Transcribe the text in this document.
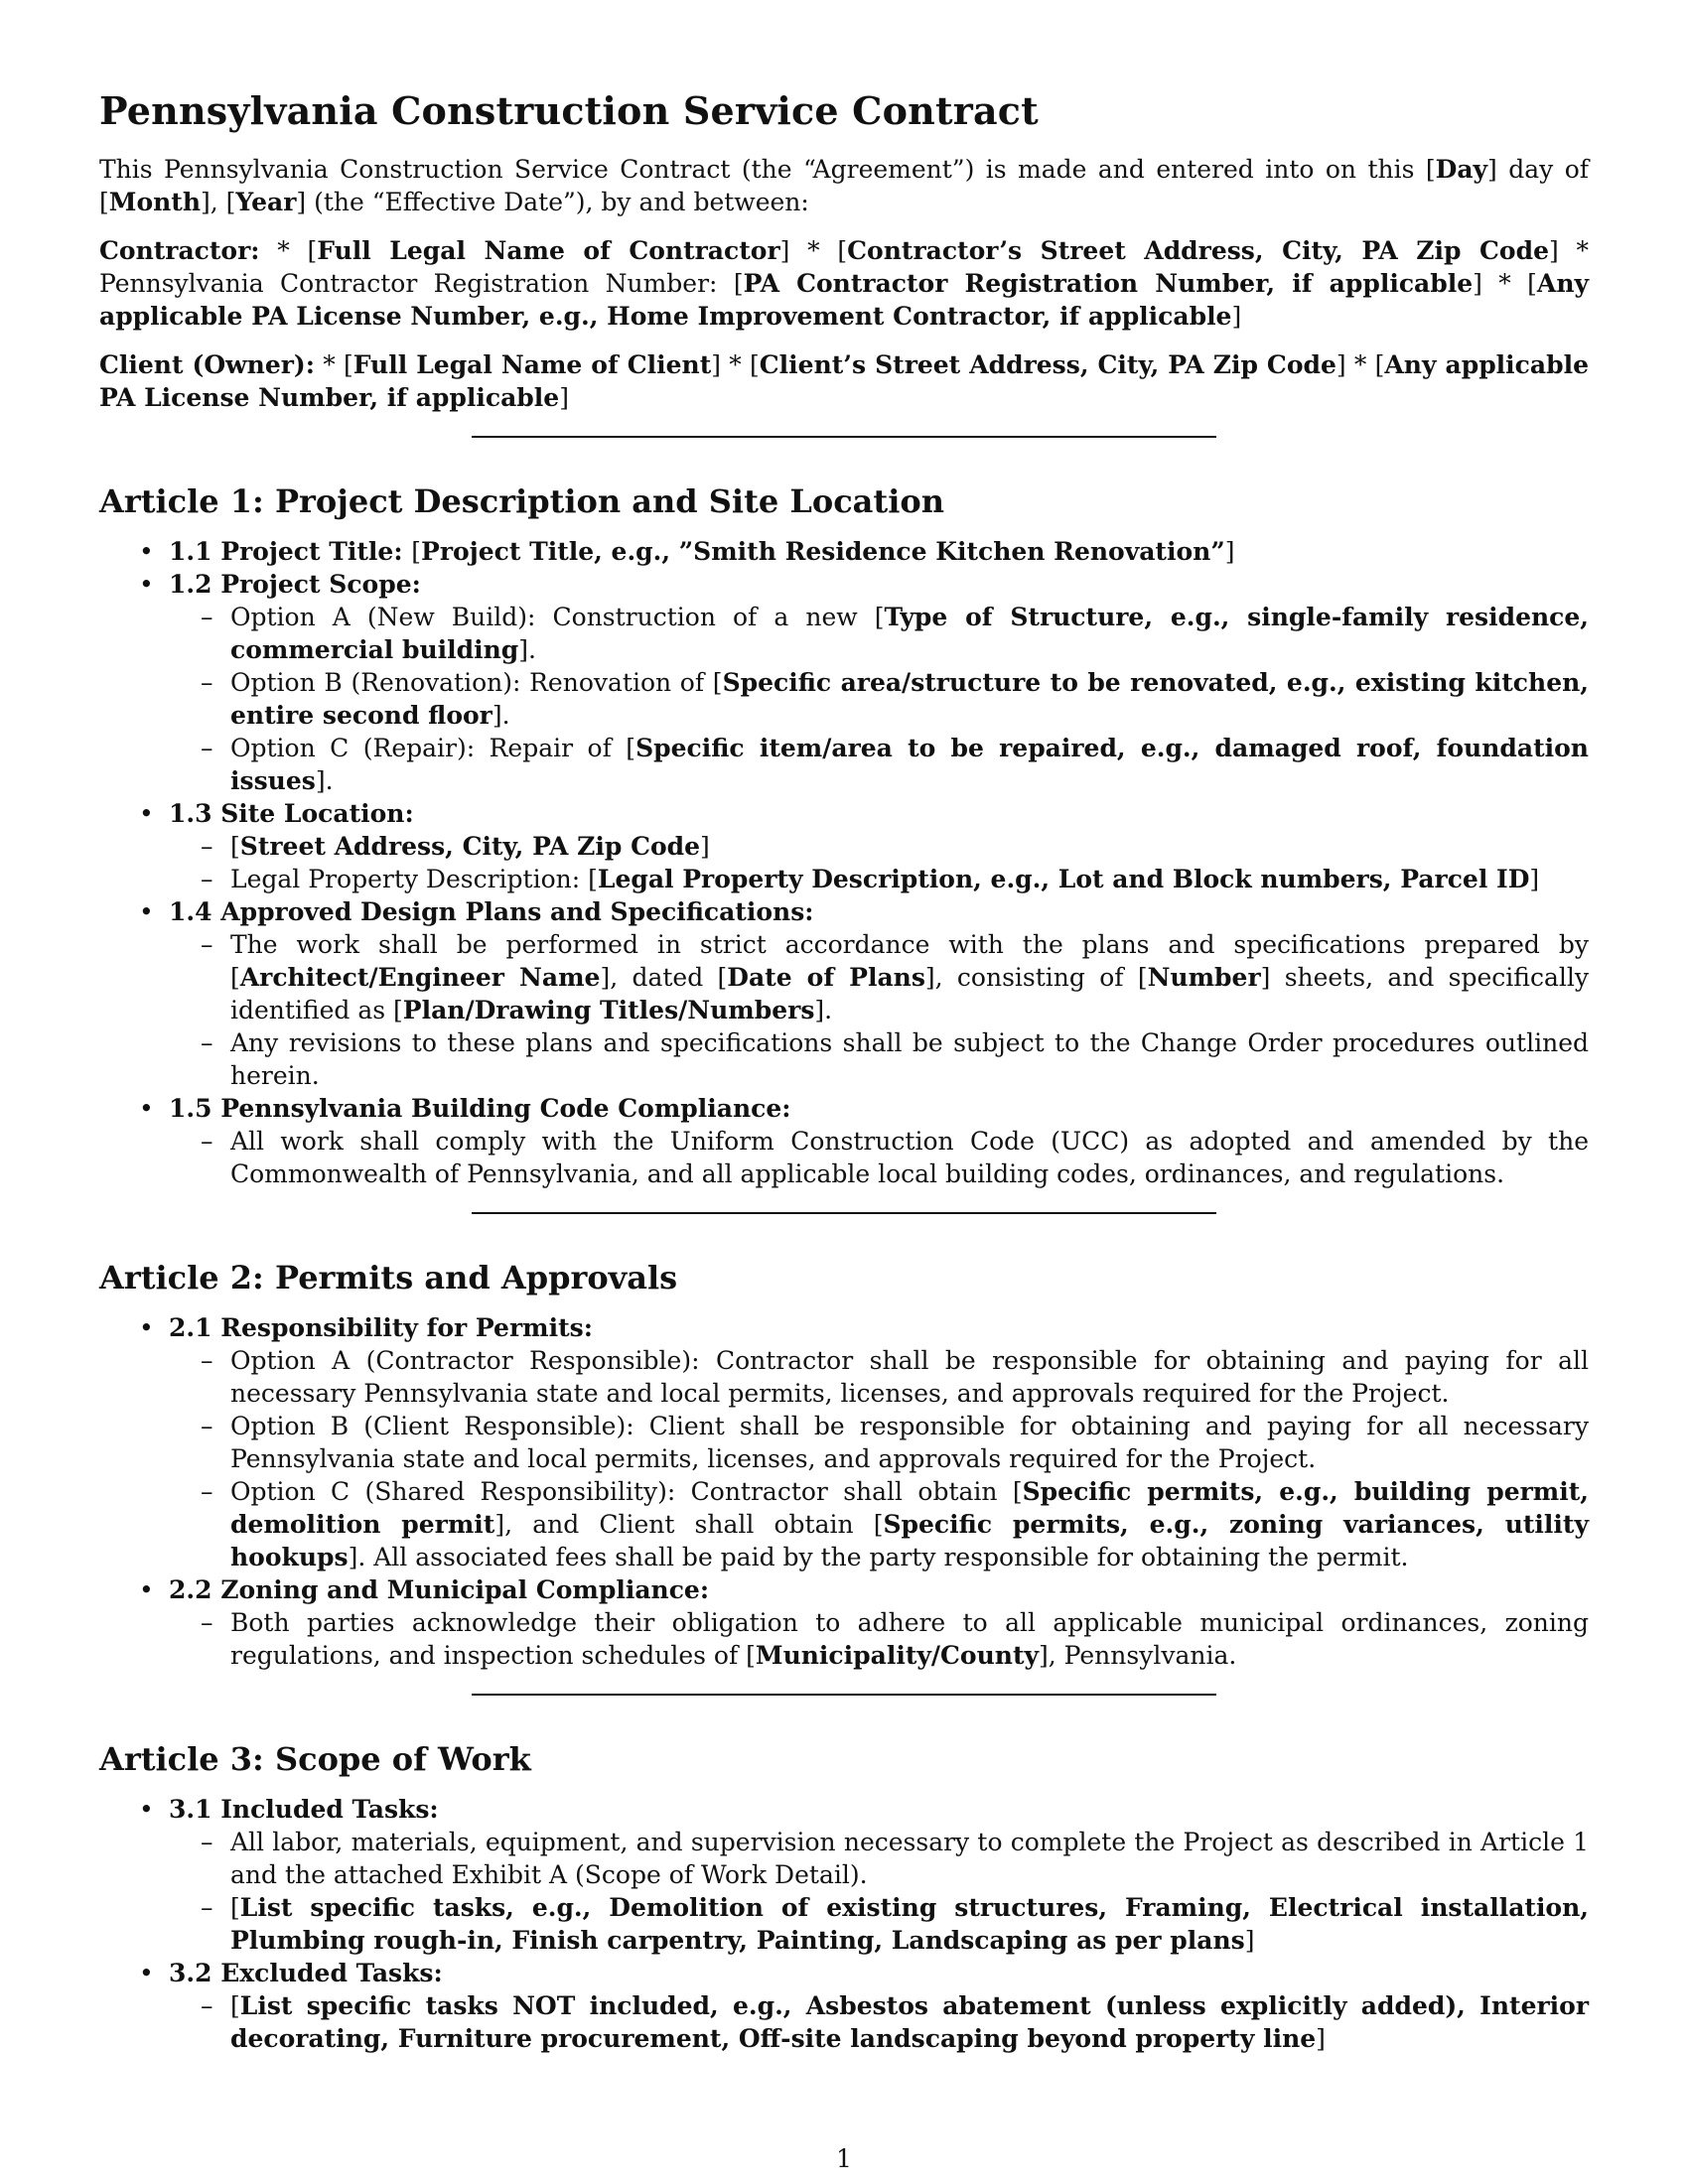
Pennsylvania Construction Service Contract

This Pennsylvania Construction Service Contract (the “Agreement”) is made and entered into on this [Day] day of [Month], [Year] (the “Effective Date”), by and between:

Contractor: * [Full Legal Name of Contractor] * [Contractor’s Street Address, City, PA Zip Code] * Pennsylvania Contractor Registration Number: [PA Contractor Registration Number, if applicable] * [Any applicable PA License Number, e.g., Home Improvement Contractor, if applicable]

Client (Owner): * [Full Legal Name of Client] * [Client’s Street Address, City, PA Zip Code] * [Any applicable PA License Number, if applicable]

Article 1: Project Description and Site Location
• 1.1 Project Title: [Project Title, e.g., ”Smith Residence Kitchen Renovation”]
• 1.2 Project Scope:
– Option A (New Build): Construction of a new [Type of Structure, e.g., single-family residence, commercial building].
– Option B (Renovation): Renovation of [Specific area/structure to be renovated, e.g., existing kitchen, entire second floor].
– Option C (Repair): Repair of [Specific item/area to be repaired, e.g., damaged roof, foundation issues].
• 1.3 Site Location:
– [Street Address, City, PA Zip Code]
– Legal Property Description: [Legal Property Description, e.g., Lot and Block numbers, Parcel ID]
• 1.4 Approved Design Plans and Specifications:
– The work shall be performed in strict accordance with the plans and specifications prepared by [Architect/Engineer Name], dated [Date of Plans], consisting of [Number] sheets, and specifically identified as [Plan/Drawing Titles/Numbers].
– Any revisions to these plans and specifications shall be subject to the Change Order procedures outlined herein.
• 1.5 Pennsylvania Building Code Compliance:
– All work shall comply with the Uniform Construction Code (UCC) as adopted and amended by the Commonwealth of Pennsylvania, and all applicable local building codes, ordinances, and regulations.
Article 2: Permits and Approvals
• 2.1 Responsibility for Permits:
– Option A (Contractor Responsible): Contractor shall be responsible for obtaining and paying for all necessary Pennsylvania state and local permits, licenses, and approvals required for the Project.
– Option B (Client Responsible): Client shall be responsible for obtaining and paying for all necessary Pennsylvania state and local permits, licenses, and approvals required for the Project.
– Option C (Shared Responsibility): Contractor shall obtain [Specific permits, e.g., building permit, demolition permit], and Client shall obtain [Specific permits, e.g., zoning variances, utility hookups]. All associated fees shall be paid by the party responsible for obtaining the permit.
• 2.2 Zoning and Municipal Compliance:
– Both parties acknowledge their obligation to adhere to all applicable municipal ordinances, zoning regulations, and inspection schedules of [Municipality/County], Pennsylvania.
Article 3: Scope of Work
• 3.1 Included Tasks:
– All labor, materials, equipment, and supervision necessary to complete the Project as described in Article 1 and the attached Exhibit A (Scope of Work Detail).
– [List specific tasks, e.g., Demolition of existing structures, Framing, Electrical installation, Plumbing rough-in, Finish carpentry, Painting, Landscaping as per plans]
• 3.2 Excluded Tasks:
– [List specific tasks NOT included, e.g., Asbestos abatement (unless explicitly added), Interior decorating, Furniture procurement, Off-site landscaping beyond property line]
1
